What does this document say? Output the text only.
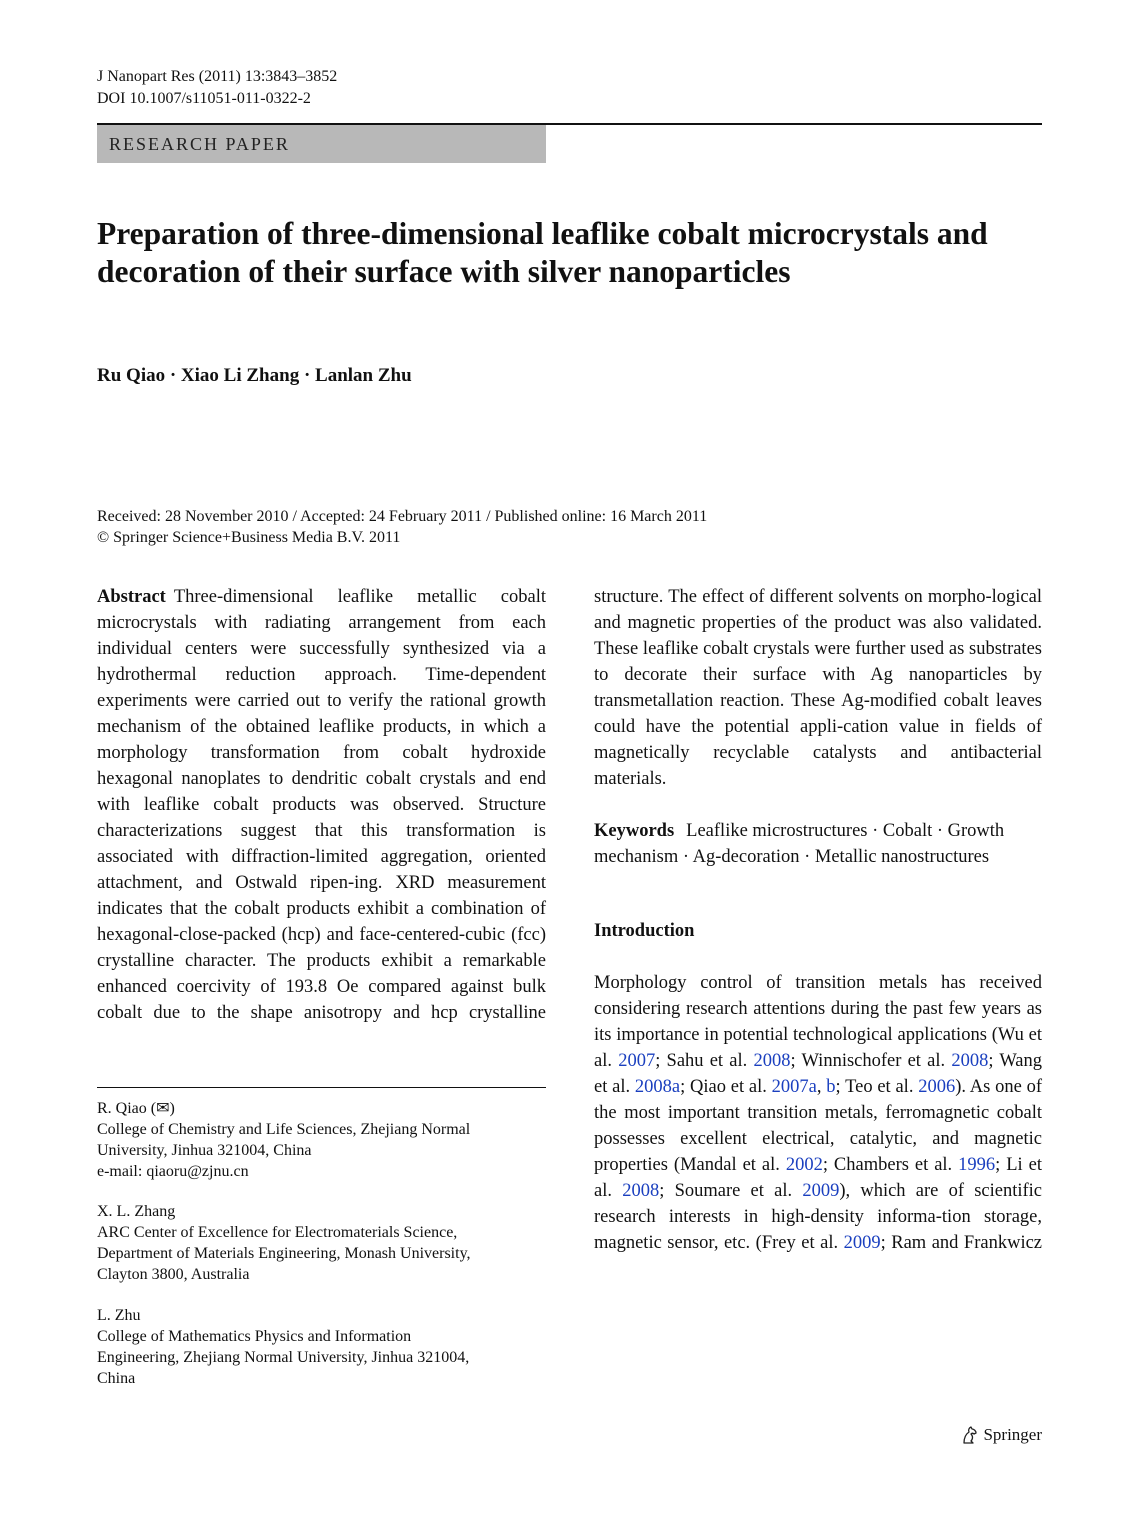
J Nanopart Res (2011) 13:3843–3852
DOI 10.1007/s11051-011-0322-2
RESEARCH PAPER
Preparation of three-dimensional leaflike cobalt microcrystals and decoration of their surface with silver nanoparticles
Ru Qiao · Xiao Li Zhang · Lanlan Zhu
Received: 28 November 2010 / Accepted: 24 February 2011 / Published online: 16 March 2011
© Springer Science+Business Media B.V. 2011

Abstract Three-dimensional leaflike metallic cobalt microcrystals with radiating arrangement from each individual centers were successfully synthesized via a hydrothermal reduction approach. Time-dependent experiments were carried out to verify the rational growth mechanism of the obtained leaflike products, in which a morphology transformation from cobalt hydroxide hexagonal nanoplates to dendritic cobalt crystals and end with leaflike cobalt products was observed. Structure characterizations suggest that this transformation is associated with diffraction-limited aggregation, oriented attachment, and Ostwald ripen-ing. XRD measurement indicates that the cobalt products exhibit a combination of hexagonal-close-packed (hcp) and face-centered-cubic (fcc) crystalline character. The products exhibit a remarkable enhanced coercivity of 193.8 Oe compared against bulk cobalt due to the shape anisotropy and hcp crystalline

R. Qiao (✉)
College of Chemistry and Life Sciences, Zhejiang Normal
University, Jinhua 321004, China
e-mail: qiaoru@zjnu.cn
X. L. Zhang
ARC Center of Excellence for Electromaterials Science,
Department of Materials Engineering, Monash University,
Clayton 3800, Australia
L. Zhu
College of Mathematics Physics and Information
Engineering, Zhejiang Normal University, Jinhua 321004,
China

structure. The effect of different solvents on morpho-logical and magnetic properties of the product was also validated. These leaflike cobalt crystals were further used as substrates to decorate their surface with Ag nanoparticles by transmetallation reaction. These Ag-modified cobalt leaves could have the potential appli-cation value in fields of magnetically recyclable catalysts and antibacterial materials.

Keywords Leaflike microstructures · Cobalt · Growth mechanism · Ag-decoration · Metallic nanostructures

Introduction

Morphology control of transition metals has received considering research attentions during the past few years as its importance in potential technological applications (Wu et al. 2007; Sahu et al. 2008; Winnischofer et al. 2008; Wang et al. 2008a; Qiao et al. 2007a, b; Teo et al. 2006). As one of the most important transition metals, ferromagnetic cobalt possesses excellent electrical, catalytic, and magnetic properties (Mandal et al. 2002; Chambers et al. 1996; Li et al. 2008; Soumare et al. 2009), which are of scientific research interests in high-density informa-tion storage, magnetic sensor, etc. (Frey et al. 2009; Ram and Frankwicz

Springer
